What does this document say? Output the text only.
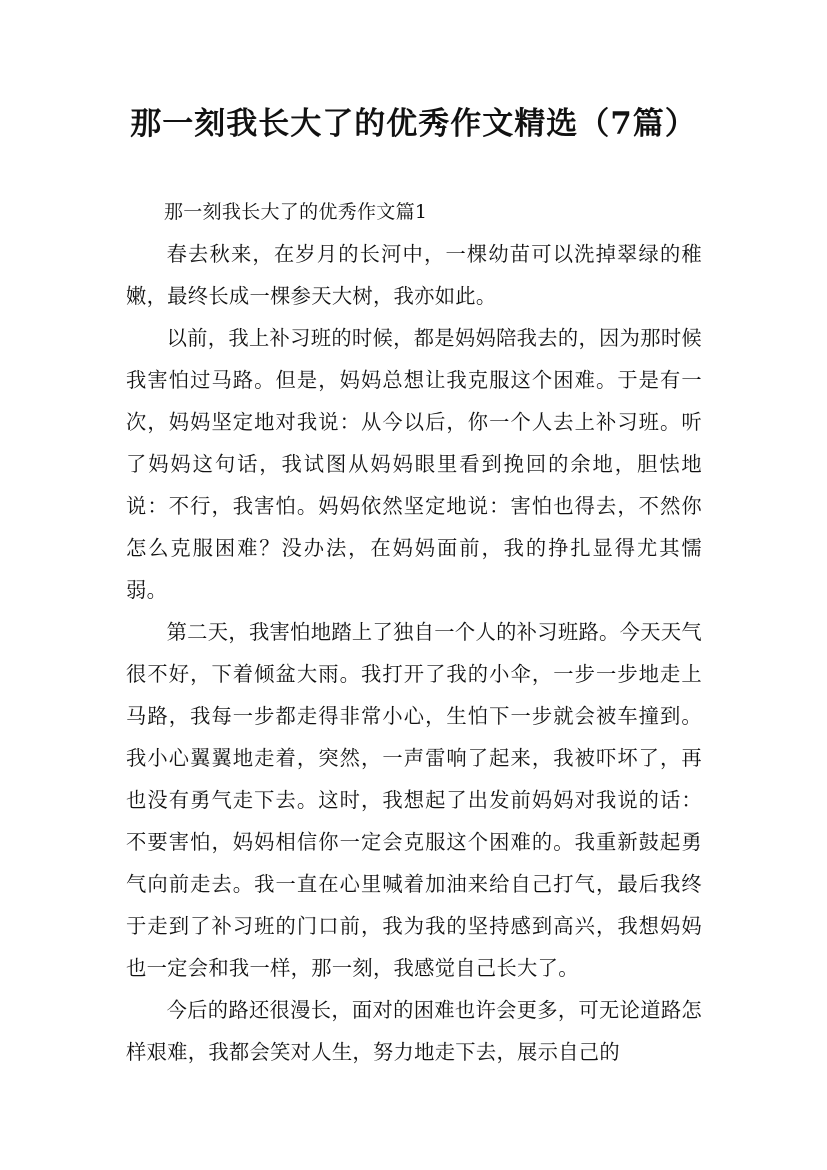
那一刻我长大了的优秀作文精选（7篇）

那一刻我长大了的优秀作文篇1

春去秋来，在岁月的长河中，一棵幼苗可以洗掉翠绿的稚嫩，最终长成一棵参天大树，我亦如此。

以前，我上补习班的时候，都是妈妈陪我去的，因为那时候我害怕过马路。但是，妈妈总想让我克服这个困难。于是有一次，妈妈坚定地对我说：从今以后，你一个人去上补习班。听了妈妈这句话，我试图从妈妈眼里看到挽回的余地，胆怯地说：不行，我害怕。妈妈依然坚定地说：害怕也得去，不然你怎么克服困难？没办法，在妈妈面前，我的挣扎显得尤其懦弱。

第二天，我害怕地踏上了独自一个人的补习班路。今天天气很不好，下着倾盆大雨。我打开了我的小伞，一步一步地走上马路，我每一步都走得非常小心，生怕下一步就会被车撞到。我小心翼翼地走着，突然，一声雷响了起来，我被吓坏了，再也没有勇气走下去。这时，我想起了出发前妈妈对我说的话：不要害怕，妈妈相信你一定会克服这个困难的。我重新鼓起勇气向前走去。我一直在心里喊着加油来给自己打气，最后我终于走到了补习班的门口前，我为我的坚持感到高兴，我想妈妈也一定会和我一样，那一刻，我感觉自己长大了。

今后的路还很漫长，面对的困难也许会更多，可无论道路怎样艰难，我都会笑对人生，努力地走下去，展示自己的
